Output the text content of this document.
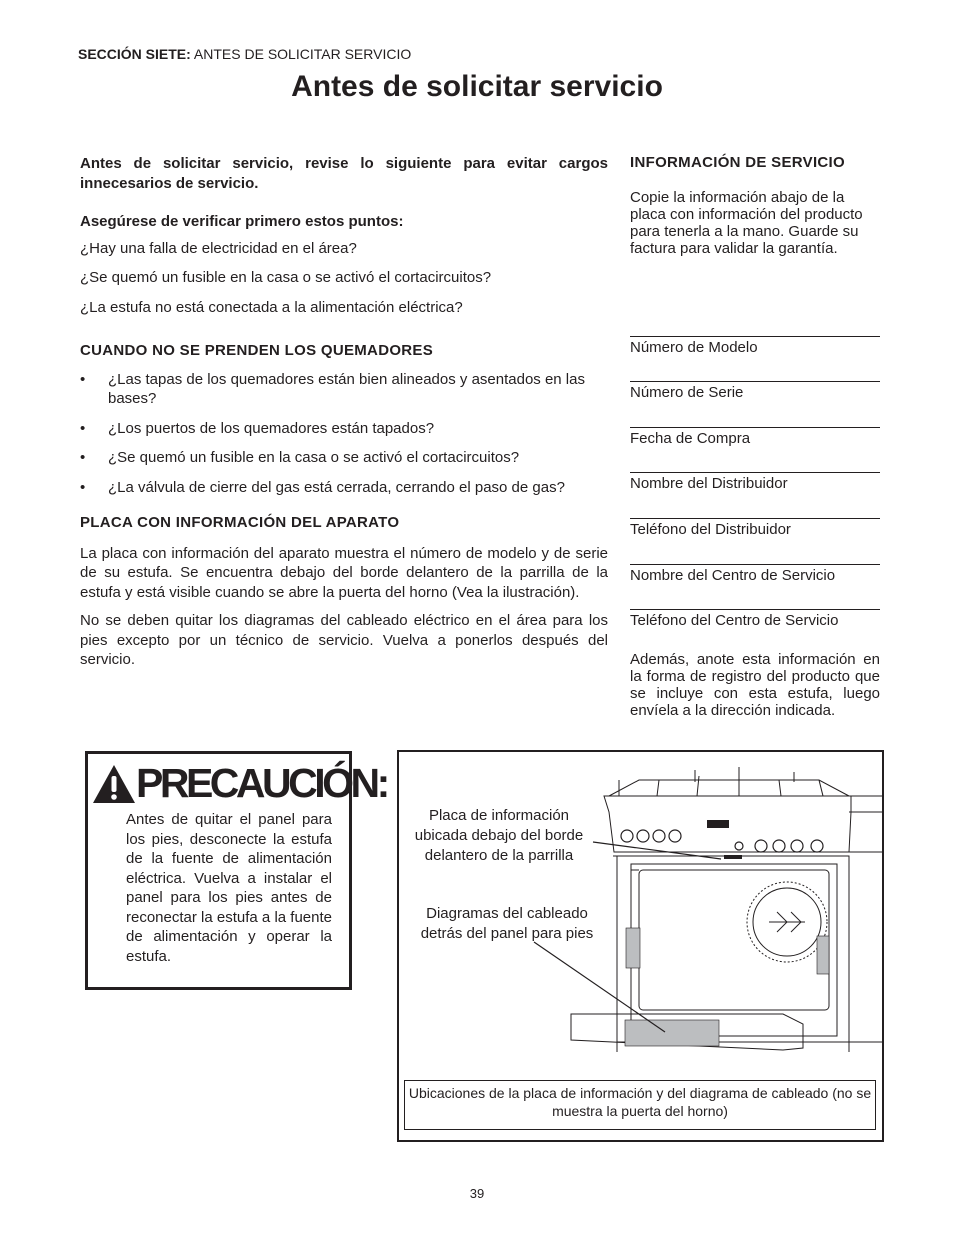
SECCIÓN SIETE: ANTES DE SOLICITAR SERVICIO
Antes de solicitar servicio

Antes de solicitar servicio, revise lo siguiente para evitar cargos innecesarios de servicio.

Asegúrese de verificar primero estos puntos:

¿Hay una falla de electricidad en el área?

¿Se quemó un fusible en la casa o se activó el cortacircuitos?

¿La estufa no está conectada a la alimentación eléctrica?

CUANDO NO SE PRENDEN LOS QUEMADORES

• ¿Las tapas de los quemadores están bien alineados y asentados en las bases?
• ¿Los puertos de los quemadores están tapados?
• ¿Se quemó un fusible en la casa o se activó el cortacircuitos?
• ¿La válvula de cierre del gas está cerrada, cerrando el paso de gas?

PLACA CON INFORMACIÓN DEL APARATO

La placa con información del aparato muestra el número de modelo y de serie de su estufa. Se encuentra debajo del borde delantero de la parrilla de la estufa y está visible cuando se abre la puerta del horno (Vea la ilustración).

No se deben quitar los diagramas del cableado eléctrico en el área para los pies excepto por un técnico de servicio. Vuelva a ponerlos después del servicio.

INFORMACIÓN DE SERVICIO

Copie la información abajo de la placa con información del producto para tenerla a la mano. Guarde su factura para validar la garantía.

Número de Modelo
Número de Serie
Fecha de Compra
Nombre del Distribuidor
Teléfono del Distribuidor
Nombre del Centro de Servicio
Teléfono del Centro de Servicio
Además, anote esta información en la forma de registro del producto que se incluye con esta estufa, luego envíela a la dirección indicada.
PRECAUCIÓN:
Antes de quitar el panel para los pies, desconecte la estufa de la fuente de alimentación eléctrica. Vuelva a instalar el panel para los pies antes de reconectar la estufa a la fuente de alimentación y operar la estufa.
Placa de información ubicada debajo del borde delantero de la parrilla
Diagramas del cableado detrás del panel para pies
Ubicaciones de la placa de información y del diagrama de cableado (no se muestra la puerta del horno)
39
